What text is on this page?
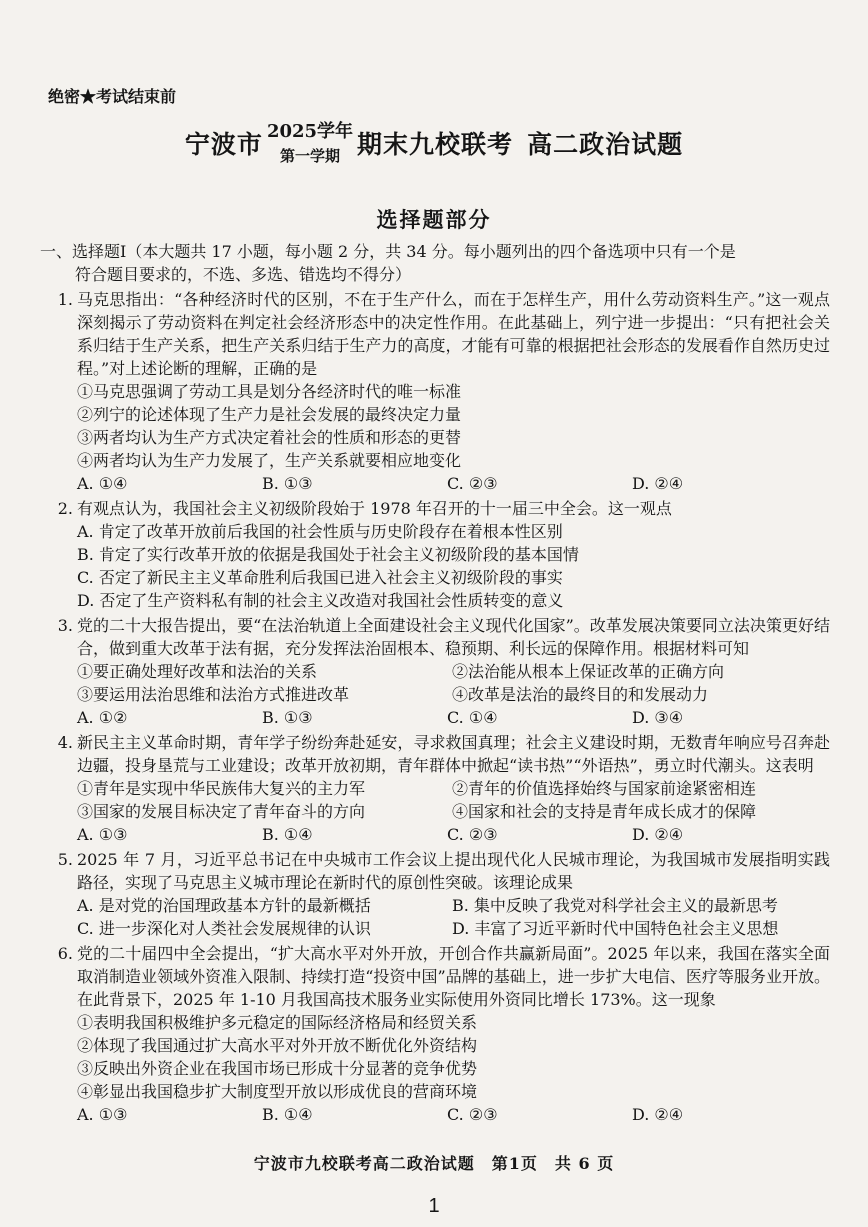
绝密★考试结束前
宁波市 2025学年
第一学期 期末九校联考 高二政治试题
选择题部分
一、选择题Ⅰ（本大题共 17 小题，每小题 2 分，共 34 分。每小题列出的四个备选项中只有一个是
符合题目要求的，不选、多选、错选均不得分）
1. 马克思指出：“各种经济时代的区别，不在于生产什么，而在于怎样生产，用什么劳动资料生产。”这一观点深刻揭示了劳动资料在判定社会经济形态中的决定性作用。在此基础上，列宁进一步提出：“只有把社会关系归结于生产关系，把生产关系归结于生产力的高度，才能有可靠的根据把社会形态的发展看作自然历史过程。”对上述论断的理解，正确的是
①马克思强调了劳动工具是划分各经济时代的唯一标准
②列宁的论述体现了生产力是社会发展的最终决定力量
③两者均认为生产方式决定着社会的性质和形态的更替
④两者均认为生产力发展了，生产关系就要相应地变化
A. ①④	B. ①③	C. ②③	D. ②④
2. 有观点认为，我国社会主义初级阶段始于 1978 年召开的十一届三中全会。这一观点
A. 肯定了改革开放前后我国的社会性质与历史阶段存在着根本性区别
B. 肯定了实行改革开放的依据是我国处于社会主义初级阶段的基本国情
C. 否定了新民主主义革命胜利后我国已进入社会主义初级阶段的事实
D. 否定了生产资料私有制的社会主义改造对我国社会性质转变的意义
3. 党的二十大报告提出，要“在法治轨道上全面建设社会主义现代化国家”。改革发展决策要同立法决策更好结合，做到重大改革于法有据，充分发挥法治固根本、稳预期、利长远的保障作用。根据材料可知
①要正确处理好改革和法治的关系	②法治能从根本上保证改革的正确方向
③要运用法治思维和法治方式推进改革	④改革是法治的最终目的和发展动力
A. ①②	B. ①③	C. ①④	D. ③④
4. 新民主主义革命时期，青年学子纷纷奔赴延安，寻求救国真理；社会主义建设时期，无数青年响应号召奔赴边疆，投身垦荒与工业建设；改革开放初期，青年群体中掀起“读书热”“外语热”，勇立时代潮头。这表明
①青年是实现中华民族伟大复兴的主力军	②青年的价值选择始终与国家前途紧密相连
③国家的发展目标决定了青年奋斗的方向	④国家和社会的支持是青年成长成才的保障
A. ①③	B. ①④	C. ②③	D. ②④
5. 2025 年 7 月，习近平总书记在中央城市工作会议上提出现代化人民城市理论，为我国城市发展指明实践路径，实现了马克思主义城市理论在新时代的原创性突破。该理论成果
A. 是对党的治国理政基本方针的最新概括	B. 集中反映了我党对科学社会主义的最新思考
C. 进一步深化对人类社会发展规律的认识	D. 丰富了习近平新时代中国特色社会主义思想
6. 党的二十届四中全会提出，“扩大高水平对外开放，开创合作共赢新局面”。2025 年以来，我国在落实全面取消制造业领域外资准入限制、持续打造“投资中国”品牌的基础上，进一步扩大电信、医疗等服务业开放。在此背景下，2025 年 1-10 月我国高技术服务业实际使用外资同比增长 173%。这一现象
①表明我国积极维护多元稳定的国际经济格局和经贸关系
②体现了我国通过扩大高水平对外开放不断优化外资结构
③反映出外资企业在我国市场已形成十分显著的竞争优势
④彰显出我国稳步扩大制度型开放以形成优良的营商环境
A. ①③	B. ①④	C. ②③	D. ②④
宁波市九校联考高二政治试题　第1页　共 6 页
1
